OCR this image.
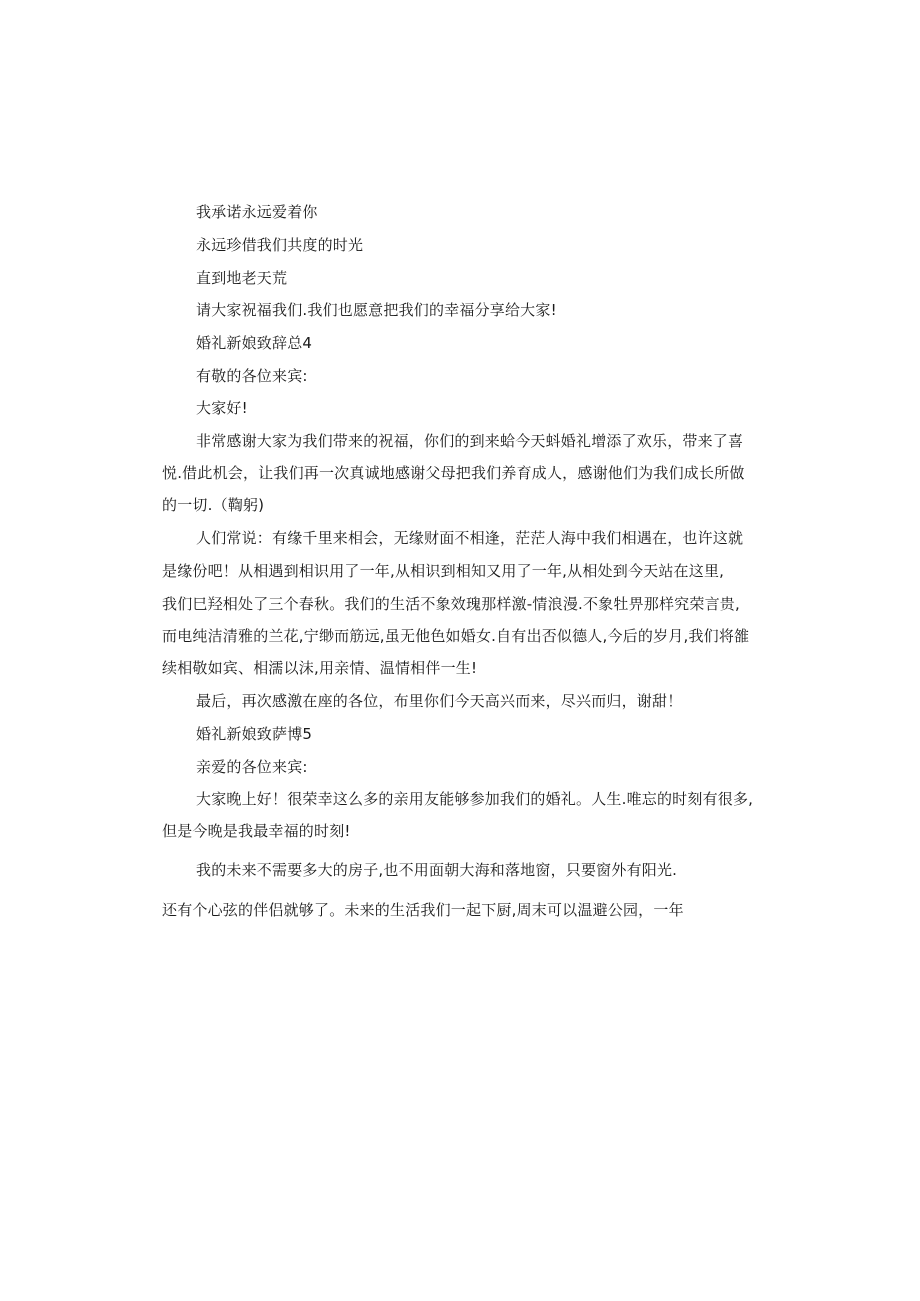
我承诺永远爱着你
永远珍借我们共度的时光
直到地老天荒
请大家祝福我们.我们也愿意把我们的幸福分享给大家!
婚礼新娘致辞总4
有敬的各位来宾:
大家好!
非常感谢大家为我们带来的祝福，你们的到来蛤今天蚪婚礼增添了欢乐，带来了喜
悦.借此机会，让我们再一次真诚地感谢父母把我们养育成人，感谢他们为我们成长所做
的一切.（鞫躬)
人们常说：有缘千里来相会，无缘财面不相逢，茫茫人海中我们相遇在，也许这就
是缘份吧！从相遇到相识用了一年,从相识到相知又用了一年,从相处到今天站在这里,
我们巳羟相处了三个春秋。我们的生活不象效瑰那样激-情浪漫.不象牡畀那样究荣言贵,
而电纯洁清雅的兰花,宁缈而筋远,虽无他色如婚女.自有岀否似德人,今后的岁月,我们将雒
续相敬如宾、相濡以沫,用亲情、温情相伴一生!
最后，再次感激在座的各位，布里你们今天高兴而来，尽兴而归，谢甜！
婚礼新娘致萨博5
亲爱的各位来宾:
大家晚上好！很荣幸这么多的亲用友能够参加我们的婚礼。人生.唯忘的时刻有很多,
但是今晚是我最幸福的时刻!
我的未来不需要多大的房子,也不用面朝大海和落地窗，只要窗外有阳光.
还有个心弦的伴侣就够了。未来的生活我们一起下厨,周末可以温避公园，一年
